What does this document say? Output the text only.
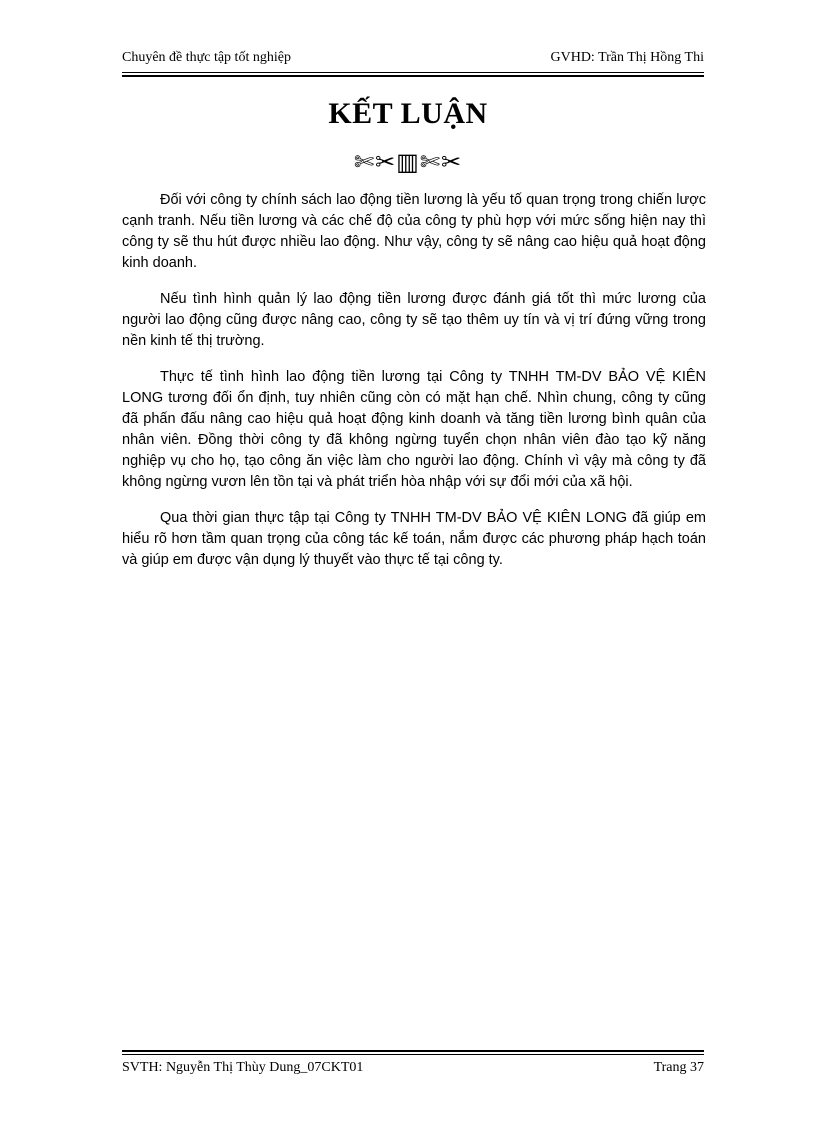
Chuyên đề thực tập tốt nghiệp	GVHD: Trần Thị Hồng Thi
KẾT LUẬN
✄✂▥✄✂

Đối với công ty chính sách lao động tiền lương là yếu tố quan trọng trong chiến lược cạnh tranh. Nếu tiền lương và các chế độ của công ty phù hợp với mức sống hiện nay thì công ty sẽ thu hút được nhiều lao động. Như vậy, công ty sẽ nâng cao hiệu quả hoạt động kinh doanh.

Nếu tình hình quản lý lao động tiền lương được đánh giá tốt thì mức lương của người lao động cũng được nâng cao, công ty sẽ tạo thêm uy tín và vị trí đứng vững trong nền kinh tế thị trường.

Thực tế tình hình lao động tiền lương tại Công ty TNHH TM-DV BẢO VỆ KIÊN LONG tương đối ổn định, tuy nhiên cũng còn có mặt hạn chế. Nhìn chung, công ty cũng đã phấn đấu nâng cao hiệu quả hoạt động kinh doanh và tăng tiền lương bình quân của nhân viên. Đồng thời công ty đã không ngừng tuyển chọn nhân viên đào tạo kỹ năng nghiệp vụ cho họ, tạo công ăn việc làm cho người lao động. Chính vì vậy mà công ty đã không ngừng vươn lên tồn tại và phát triển hòa nhập với sự đổi mới của xã hội.

Qua thời gian thực tập tại Công ty TNHH TM-DV BẢO VỆ KIÊN LONG đã giúp em hiểu rõ hơn tầm quan trọng của công tác kế toán, nắm được các phương pháp hạch toán và giúp em được vận dụng lý thuyết vào thực tế tại công ty.

SVTH: Nguyễn Thị Thùy Dung_07CKT01	Trang 37
